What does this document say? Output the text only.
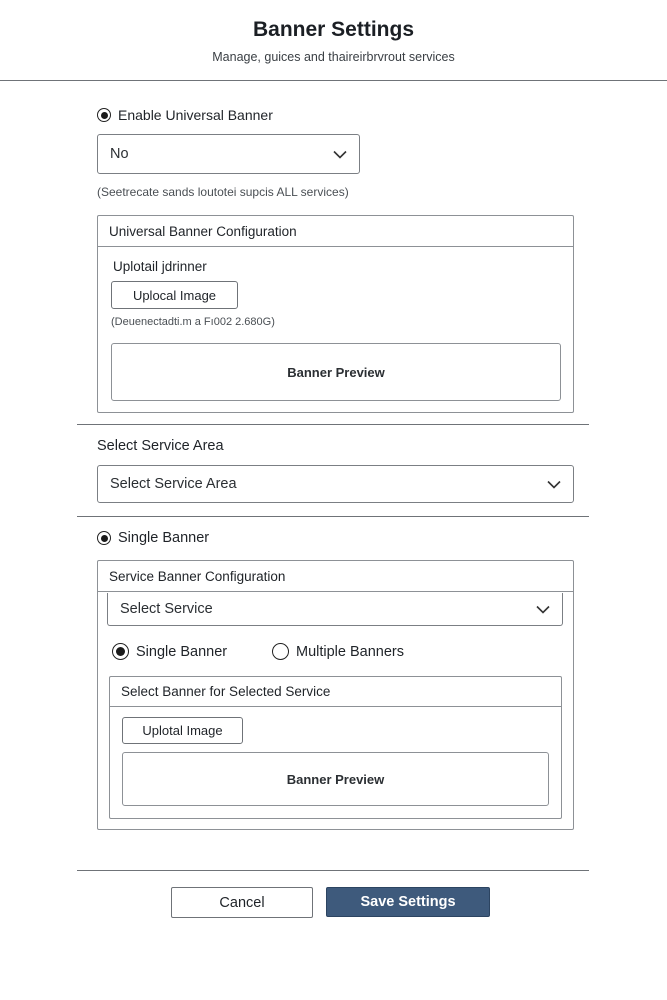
Banner Settings
Manage, guices and thaireirbrvrout services
Enable Universal Banner
No
(Seetrecate sands loutotei supcis ALL services)
Universal Banner Configuration
Uplotail jdrinner
Uplocal Image
(Deuenectadti.m a Fı002 2.680G)
Banner Preview
Select Service Area
Select Service Area
Single Banner
Service Banner Configuration
Select Service
Single Banner	Multiple Banners
Select Banner for Selected Service
Uplotal Image
Banner Preview
Cancel	Save Settings
